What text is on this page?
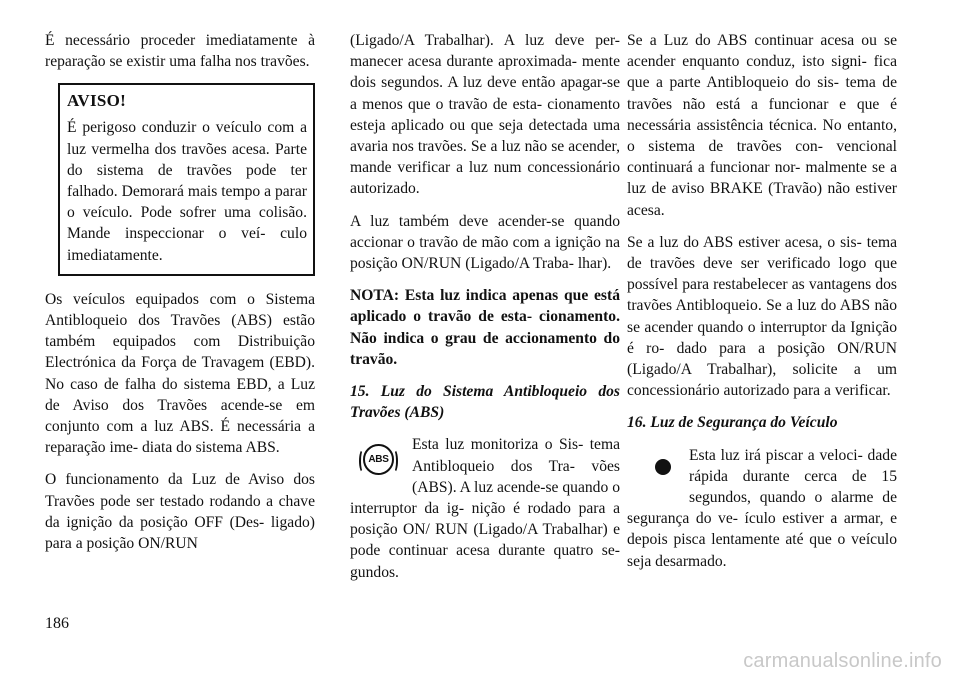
É necessário proceder imediatamente à reparação se existir uma falha nos travões.

AVISO!

É perigoso conduzir o veículo com a luz vermelha dos travões acesa. Parte do sistema de travões pode ter falhado. Demorará mais tempo a parar o veículo. Pode sofrer uma colisão. Mande inspeccionar o veí- culo imediatamente.

Os veículos equipados com o Sistema Antibloqueio dos Travões (ABS) estão também equipados com Distribuição Electrónica da Força de Travagem (EBD). No caso de falha do sistema EBD, a Luz de Aviso dos Travões acende-se em conjunto com a luz ABS. É necessária a reparação ime- diata do sistema ABS.

O funcionamento da Luz de Aviso dos Travões pode ser testado rodando a chave da ignição da posição OFF (Des- ligado) para a posição ON/RUN

(Ligado/A Trabalhar). A luz deve per- manecer acesa durante aproximada- mente dois segundos. A luz deve então apagar-se a menos que o travão de esta- cionamento esteja aplicado ou que seja detectada uma avaria nos travões. Se a luz não se acender, mande verificar a luz num concessionário autorizado.

A luz também deve acender-se quando accionar o travão de mão com a ignição na posição ON/RUN (Ligado/A Traba- lhar).

NOTA: Esta luz indica apenas que está aplicado o travão de esta- cionamento. Não indica o grau de accionamento do travão.

15. Luz do Sistema Antibloqueio dos Travões (ABS)

ABS
Esta luz monitoriza o Sis- tema Antibloqueio dos Tra- vões (ABS). A luz acende-se quando o interruptor da ig- nição é rodado para a posição ON/ RUN (Ligado/A Trabalhar) e pode continuar acesa durante quatro se- gundos.

Se a Luz do ABS continuar acesa ou se acender enquanto conduz, isto signi- fica que a parte Antibloqueio do sis- tema de travões não está a funcionar e que é necessária assistência técnica. No entanto, o sistema de travões con- vencional continuará a funcionar nor- malmente se a luz de aviso BRAKE (Travão) não estiver acesa.

Se a luz do ABS estiver acesa, o sis- tema de travões deve ser verificado logo que possível para restabelecer as vantagens dos travões Antibloqueio. Se a luz do ABS não se acender quando o interruptor da Ignição é ro- dado para a posição ON/RUN (Ligado/A Trabalhar), solicite a um concessionário autorizado para a verificar.

16. Luz de Segurança do Veículo

Esta luz irá piscar a veloci- dade rápida durante cerca de 15 segundos, quando o alarme de segurança do ve- ículo estiver a armar, e depois pisca lentamente até que o veículo seja desarmado.

186
carmanualsonline.info
